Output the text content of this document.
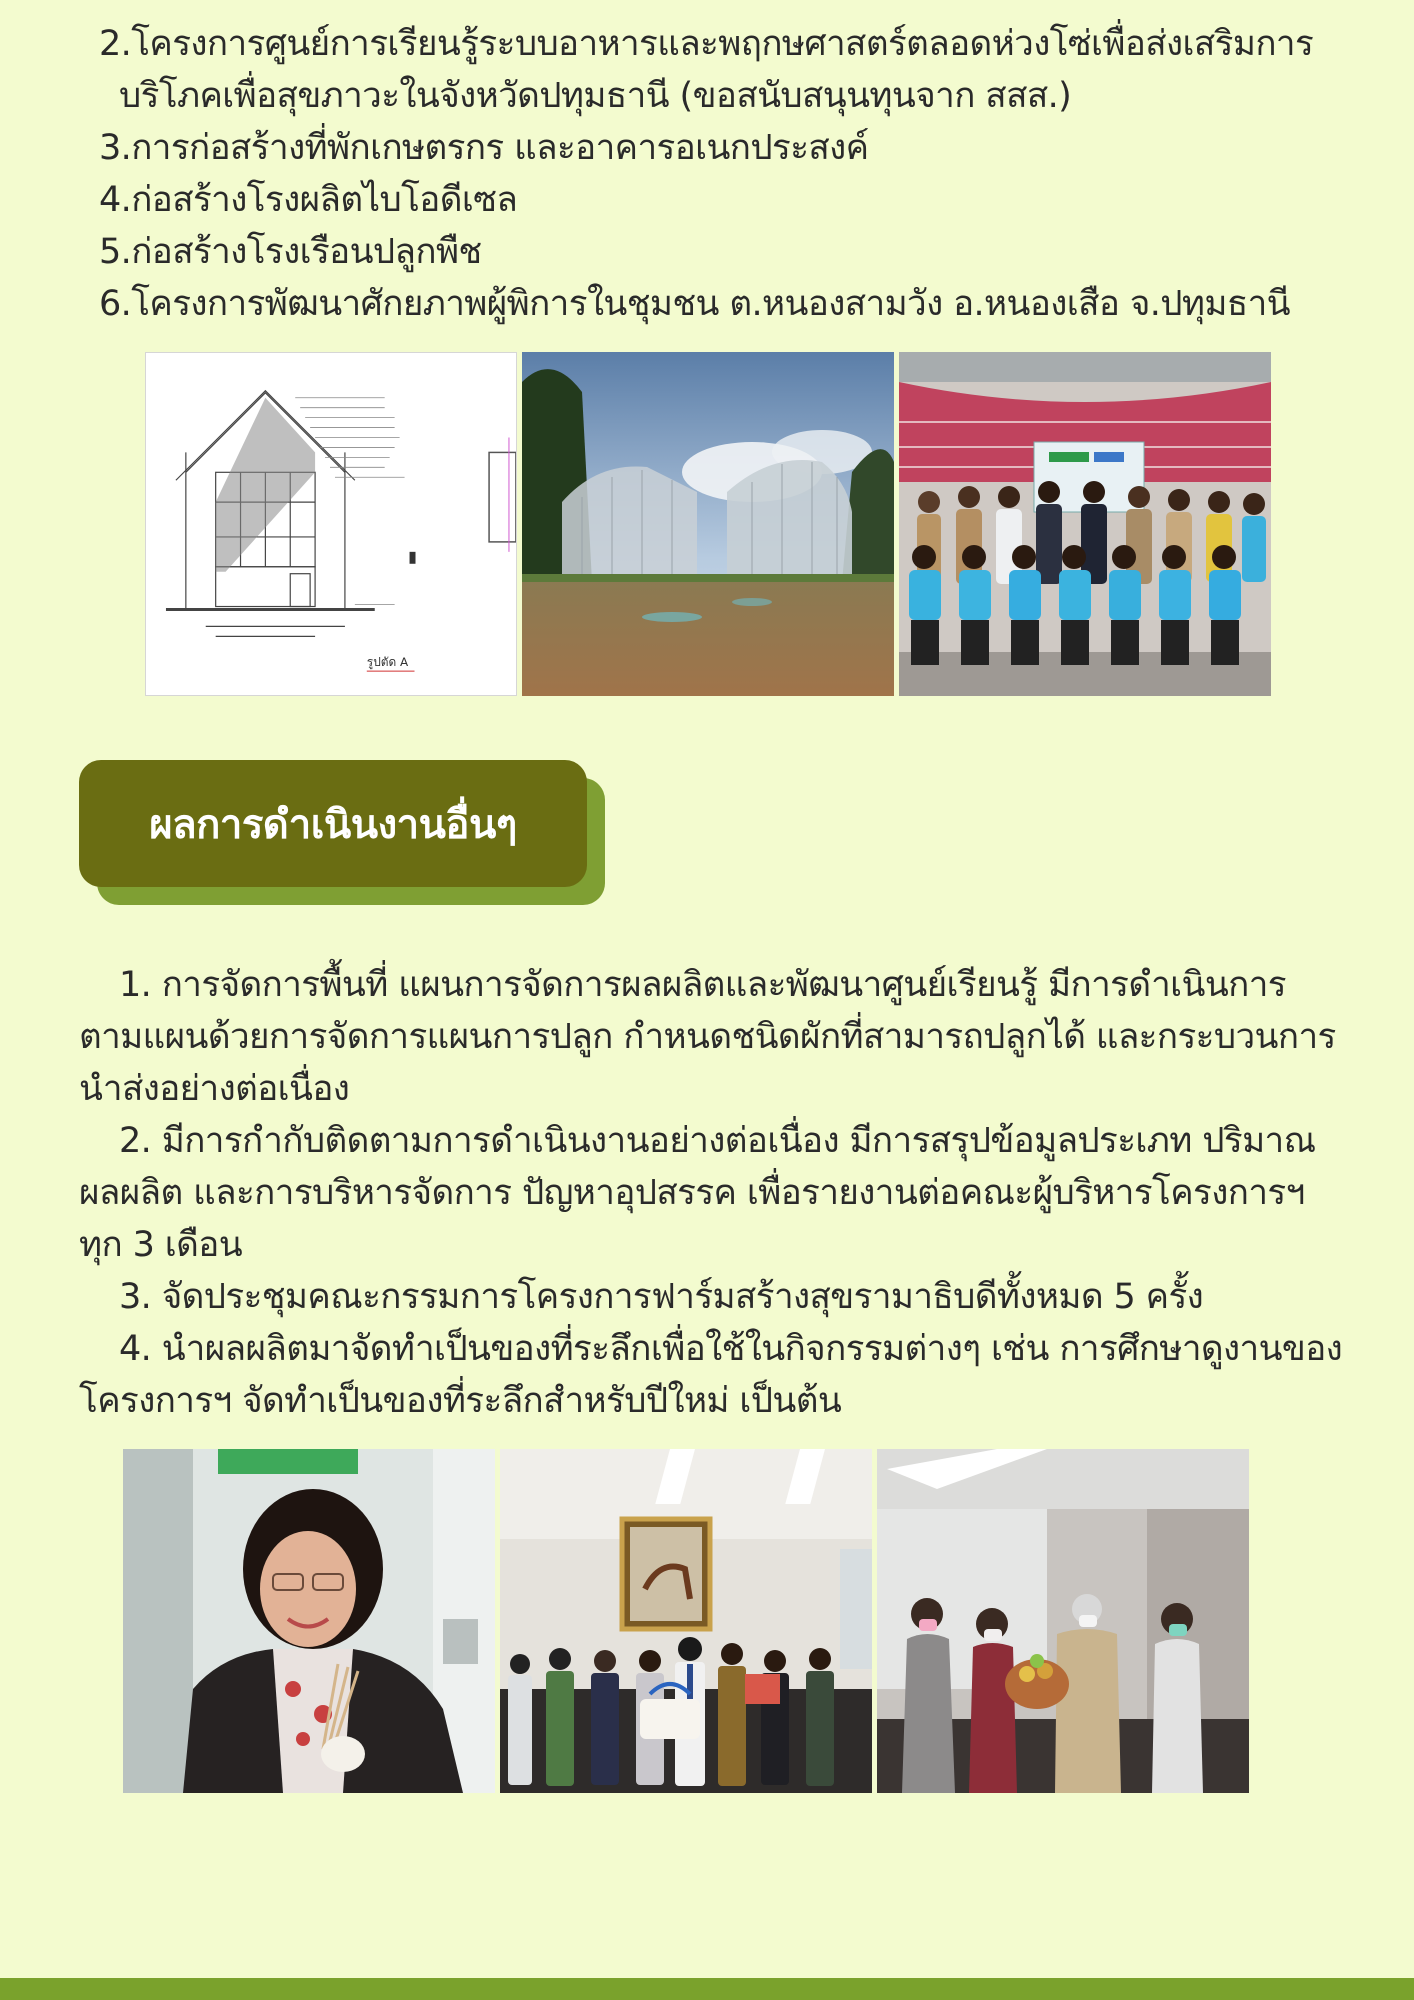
2.โครงการศูนย์การเรียนรู้ระบบอาหารและพฤกษศาสตร์ตลอดห่วงโซ่เพื่อส่งเสริมการ
บริโภคเพื่อสุขภาวะในจังหวัดปทุมธานี (ขอสนับสนุนทุนจาก สสส.)
3.การก่อสร้างที่พักเกษตรกร และอาคารอเนกประสงค์
4.ก่อสร้างโรงผลิตไบโอดีเซล
5.ก่อสร้างโรงเรือนปลูกพืช
6.โครงการพัฒนาศักยภาพผู้พิการในชุมชน ต.หนองสามวัง อ.หนองเสือ จ.ปทุมธานี
รูปตัด A
ผลการดำเนินงานอื่นๆ

1. การจัดการพื้นที่ แผนการจัดการผลผลิตและพัฒนาศูนย์เรียนรู้ มีการดำเนินการตามแผนด้วยการจัดการแผนการปลูก กำหนดชนิดผักที่สามารถปลูกได้ และกระบวนการนำส่งอย่างต่อเนื่อง

2. มีการกำกับติดตามการดำเนินงานอย่างต่อเนื่อง มีการสรุปข้อมูลประเภท ปริมาณผลผลิต และการบริหารจัดการ ปัญหาอุปสรรค เพื่อรายงานต่อคณะผู้บริหารโครงการฯ ทุก 3 เดือน

3. จัดประชุมคณะกรรมการโครงการฟาร์มสร้างสุขรามาธิบดีทั้งหมด 5 ครั้ง

4. นำผลผลิตมาจัดทำเป็นของที่ระลึกเพื่อใช้ในกิจกรรมต่างๆ เช่น การศึกษาดูงานของโครงการฯ จัดทำเป็นของที่ระลึกสำหรับปีใหม่ เป็นต้น
